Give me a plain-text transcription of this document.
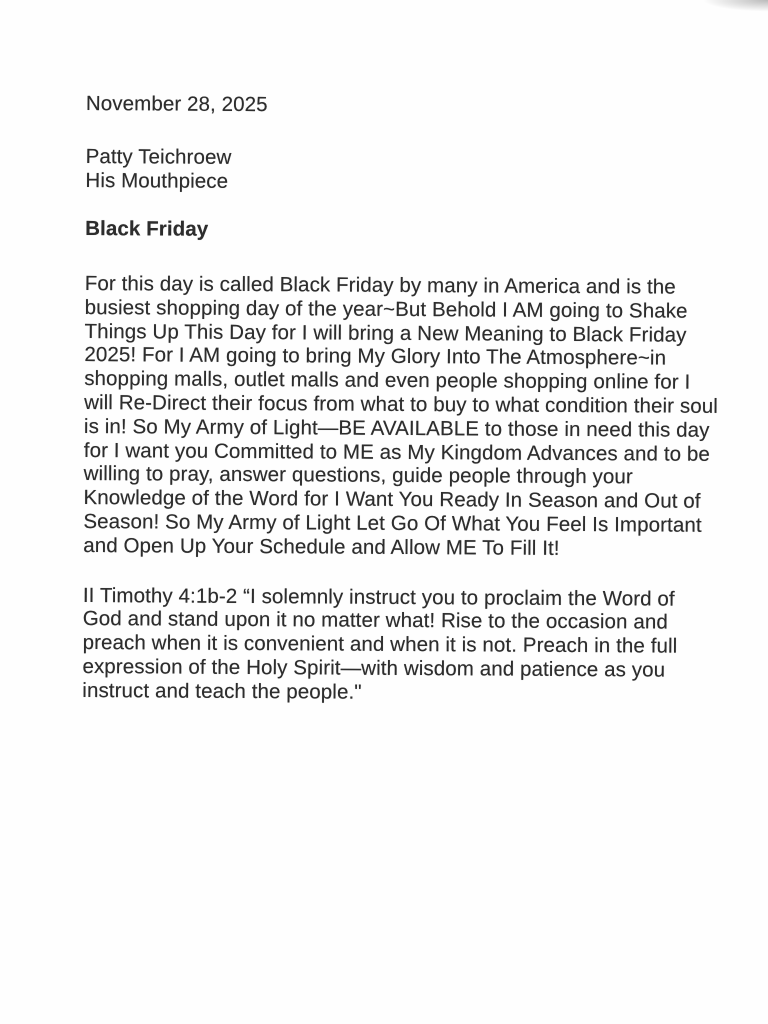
November 28, 2025
Patty Teichroew
His Mouthpiece
Black Friday
For this day is called Black Friday by many in America and is the
busiest shopping day of the year~But Behold I AM going to Shake
Things Up This Day for I will bring a New Meaning to Black Friday
2025! For I AM going to bring My Glory Into The Atmosphere~in
shopping malls, outlet malls and even people shopping online for I
will Re-Direct their focus from what to buy to what condition their soul
is in! So My Army of Light—BE AVAILABLE to those in need this day
for I want you Committed to ME as My Kingdom Advances and to be
willing to pray, answer questions, guide people through your
Knowledge of the Word for I Want You Ready In Season and Out of
Season! So My Army of Light Let Go Of What You Feel Is Important
and Open Up Your Schedule and Allow ME To Fill It!
II Timothy 4:1b-2 “I solemnly instruct you to proclaim the Word of
God and stand upon it no matter what! Rise to the occasion and
preach when it is convenient and when it is not. Preach in the full
expression of the Holy Spirit—with wisdom and patience as you
instruct and teach the people."
